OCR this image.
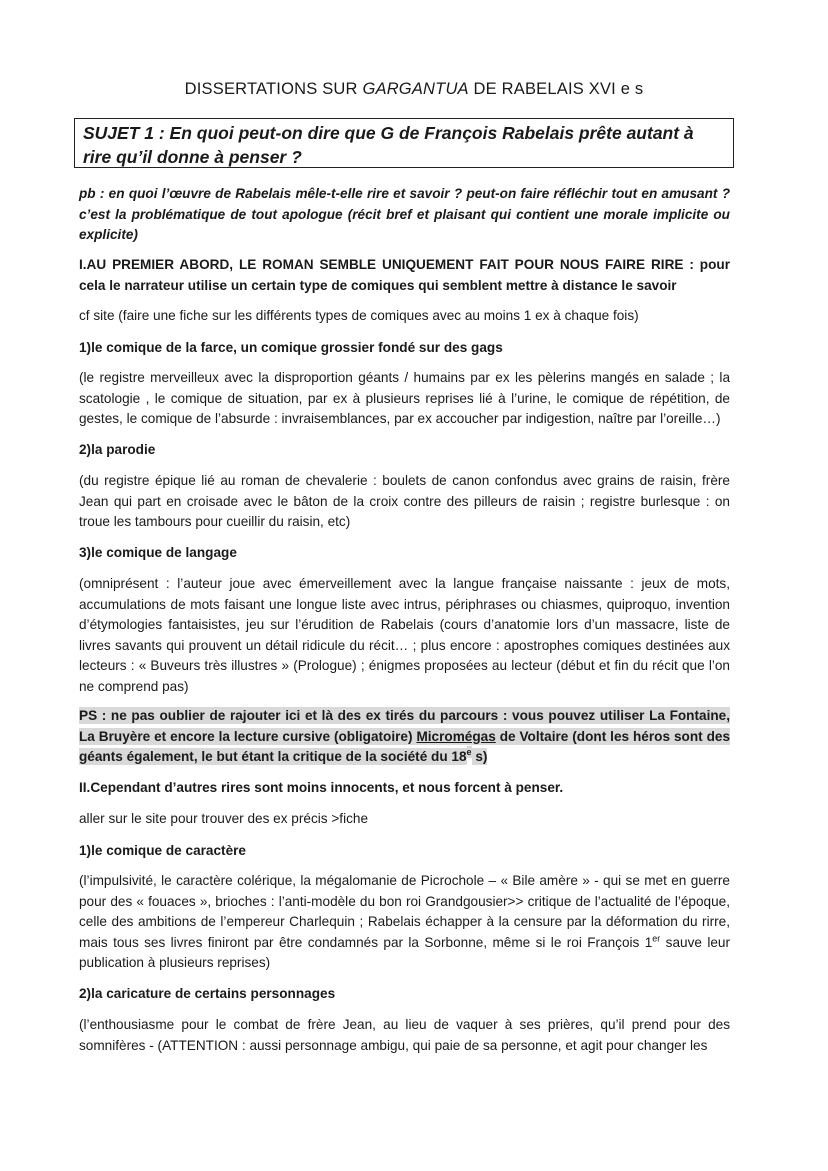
DISSERTATIONS SUR GARGANTUA DE RABELAIS XVI e s
SUJET 1 : En quoi peut-on dire que G de François Rabelais prête autant à rire qu’il donne à penser ?
pb : en quoi l’œuvre de Rabelais mêle-t-elle rire et savoir ? peut-on faire réfléchir tout en amusant ? c’est la problématique de tout apologue (récit bref et plaisant qui contient une morale implicite ou explicite)
I.AU PREMIER ABORD, LE ROMAN SEMBLE UNIQUEMENT FAIT POUR NOUS FAIRE RIRE : pour cela le narrateur utilise un certain type de comiques qui semblent mettre à distance le savoir
cf site (faire une fiche sur les différents types de comiques avec au moins 1 ex à chaque fois)
1)le comique de la farce, un comique grossier fondé sur des gags
(le registre merveilleux avec la disproportion géants / humains par ex les pèlerins mangés en salade ; la scatologie , le comique de situation, par ex à plusieurs reprises lié à l’urine, le comique de répétition, de gestes, le comique de l’absurde : invraisemblances, par ex accoucher par indigestion, naître par l’oreille…)
2)la parodie
(du registre épique lié au roman de chevalerie : boulets de canon confondus avec grains de raisin, frère Jean qui part en croisade avec le bâton de la croix contre des pilleurs de raisin ; registre burlesque : on troue les tambours pour cueillir du raisin, etc)
3)le comique de langage
(omniprésent : l’auteur joue avec émerveillement avec la langue française naissante : jeux de mots, accumulations de mots faisant une longue liste avec intrus, périphrases ou chiasmes, quiproquo, invention d’étymologies fantaisistes, jeu sur l’érudition de Rabelais (cours d’anatomie lors d’un massacre, liste de livres savants qui prouvent un détail ridicule du récit… ; plus encore : apostrophes comiques destinées aux lecteurs : « Buveurs très illustres » (Prologue) ; énigmes proposées au lecteur (début et fin du récit que l’on ne comprend pas)
PS : ne pas oublier de rajouter ici et là des ex tirés du parcours : vous pouvez utiliser La Fontaine, La Bruyère et encore la lecture cursive (obligatoire) Micromégas de Voltaire (dont les héros sont des géants également, le but étant la critique de la société du 18e s)
II.Cependant d’autres rires sont moins innocents, et nous forcent à penser.
aller sur le site pour trouver des ex précis >fiche
1)le comique de caractère
(l’impulsivité, le caractère colérique, la mégalomanie de Picrochole – « Bile amère » - qui se met en guerre pour des « fouaces », brioches : l’anti-modèle du bon roi Grandgousier>> critique de l’actualité de l’époque, celle des ambitions de l’empereur Charlequin ; Rabelais échapper à la censure par la déformation du rirre, mais tous ses livres finiront par être condamnés par la Sorbonne, même si le roi François 1er sauve leur publication à plusieurs reprises)
2)la caricature de certains personnages
(l’enthousiasme pour le combat de frère Jean, au lieu de vaquer à ses prières, qu’il prend pour des somnifères - (ATTENTION : aussi personnage ambigu, qui paie de sa personne, et agit pour changer les
